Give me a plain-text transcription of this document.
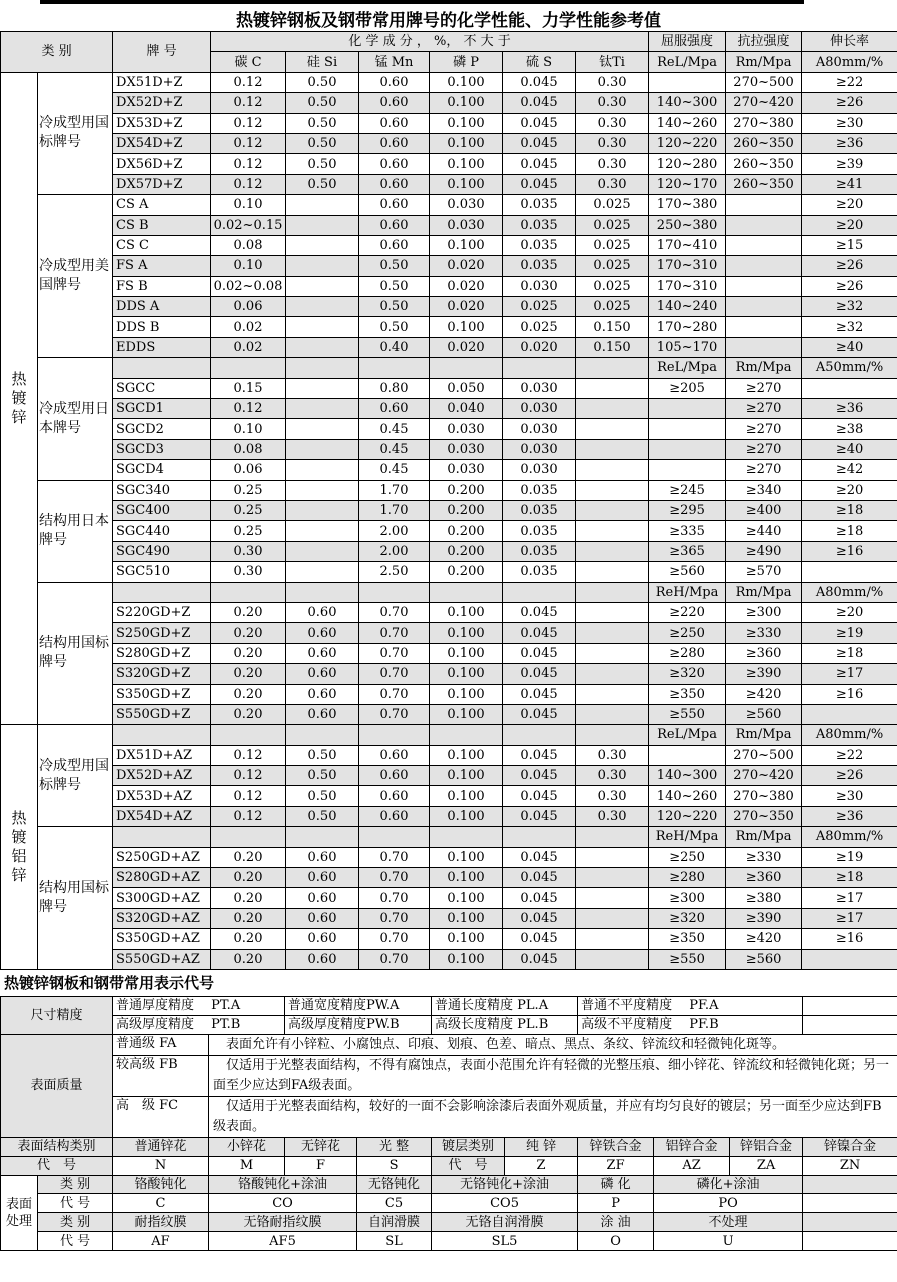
热镀锌钢板及钢带常用牌号的化学性能、力学性能参考值
类 别		牌 号	化 学 成 分 ， %， 不 大 于						屈服强度	抗拉强度	伸长率
			碳 C	硅 Si	锰 Mn	磷 P	硫 S	钛Ti	ReL/Mpa	Rm/Mpa	A80mm/%
热 镀 锌	冷成型用国标牌号	DX51D+Z	0.12	0.50	0.60	0.100	0.045	0.30		270~500	≥22
		DX52D+Z	0.12	0.50	0.60	0.100	0.045	0.30	140~300	270~420	≥26
		DX53D+Z	0.12	0.50	0.60	0.100	0.045	0.30	140~260	270~380	≥30
		DX54D+Z	0.12	0.50	0.60	0.100	0.045	0.30	120~220	260~350	≥36
		DX56D+Z	0.12	0.50	0.60	0.100	0.045	0.30	120~280	260~350	≥39
		DX57D+Z	0.12	0.50	0.60	0.100	0.045	0.30	120~170	260~350	≥41
	冷成型用美国牌号	CS A	0.10		0.60	0.030	0.035	0.025	170~380		≥20
		CS B	0.02~0.15		0.60	0.030	0.035	0.025	250~380		≥20
		CS C	0.08		0.60	0.100	0.035	0.025	170~410		≥15
		FS A	0.10		0.50	0.020	0.035	0.025	170~310		≥26
		FS B	0.02~0.08		0.50	0.020	0.030	0.025	170~310		≥26
		DDS A	0.06		0.50	0.020	0.025	0.025	140~240		≥32
		DDS B	0.02		0.50	0.100	0.025	0.150	170~280		≥32
		EDDS	0.02		0.40	0.020	0.020	0.150	105~170		≥40
	冷成型用日本牌号								ReL/Mpa	Rm/Mpa	A50mm/%
		SGCC	0.15		0.80	0.050	0.030		≥205	≥270	
		SGCD1	0.12		0.60	0.040	0.030			≥270	≥36
		SGCD2	0.10		0.45	0.030	0.030			≥270	≥38
		SGCD3	0.08		0.45	0.030	0.030			≥270	≥40
		SGCD4	0.06		0.45	0.030	0.030			≥270	≥42
	结构用日本牌号	SGC340	0.25		1.70	0.200	0.035		≥245	≥340	≥20
		SGC400	0.25		1.70	0.200	0.035		≥295	≥400	≥18
		SGC440	0.25		2.00	0.200	0.035		≥335	≥440	≥18
		SGC490	0.30		2.00	0.200	0.035		≥365	≥490	≥16
		SGC510	0.30		2.50	0.200	0.035		≥560	≥570	
	结构用国标牌号								ReH/Mpa	Rm/Mpa	A80mm/%
		S220GD+Z	0.20	0.60	0.70	0.100	0.045		≥220	≥300	≥20
		S250GD+Z	0.20	0.60	0.70	0.100	0.045		≥250	≥330	≥19
		S280GD+Z	0.20	0.60	0.70	0.100	0.045		≥280	≥360	≥18
		S320GD+Z	0.20	0.60	0.70	0.100	0.045		≥320	≥390	≥17
		S350GD+Z	0.20	0.60	0.70	0.100	0.045		≥350	≥420	≥16
		S550GD+Z	0.20	0.60	0.70	0.100	0.045		≥550	≥560	
热 镀 铝 锌	冷成型用国标牌号								ReL/Mpa	Rm/Mpa	A80mm/%
		DX51D+AZ	0.12	0.50	0.60	0.100	0.045	0.30		270~500	≥22
		DX52D+AZ	0.12	0.50	0.60	0.100	0.045	0.30	140~300	270~420	≥26
		DX53D+AZ	0.12	0.50	0.60	0.100	0.045	0.30	140~260	270~380	≥30
		DX54D+AZ	0.12	0.50	0.60	0.100	0.045	0.30	120~220	270~350	≥36
	结构用国标牌号								ReH/Mpa	Rm/Mpa	A80mm/%
		S250GD+AZ	0.20	0.60	0.70	0.100	0.045		≥250	≥330	≥19
		S280GD+AZ	0.20	0.60	0.70	0.100	0.045		≥280	≥360	≥18
		S300GD+AZ	0.20	0.60	0.70	0.100	0.045		≥300	≥380	≥17
		S320GD+AZ	0.20	0.60	0.70	0.100	0.045		≥320	≥390	≥17
		S350GD+AZ	0.20	0.60	0.70	0.100	0.045		≥350	≥420	≥16
		S550GD+AZ	0.20	0.60	0.70	0.100	0.045		≥550	≥560	
热镀锌钢板和钢带常用表示代号
尺寸精度		普通厚度精度　 PT.A		普通宽度精度PW.A		普通长度精度 PL.A		普通不平度精度　 PF.A			
		高级厚度精度　 PT.B		高级厚度精度PW.B		高级长度精度 PL.B		高级不平度精度　 PF.B			
表面质量		普通级 FA	　表面允许有小锌粒、小腐蚀点、印痕、划痕、色差、暗点、黑点、条纹、锌流纹和轻微钝化斑等。								
		较高级 FB	　仅适用于光整表面结构，不得有腐蚀点，表面小范围允许有轻微的光整压痕、细小锌花、锌流纹和轻微钝化斑；另一面至少应达到FA级表面。								
		高　级 FC	　仅适用于光整表面结构，较好的一面不会影响涂漆后表面外观质量，并应有均匀良好的镀层；另一面至少应达到FB级表面。								
表面结构类别		普通锌花	小锌花	无锌花	光 整	镀层类别	纯 锌	锌铁合金	铝锌合金	锌铝合金	锌镍合金
代　号		N	M	F	S	代　号	Z	ZF	AZ	ZA	ZN
表面处理	类 别	铬酸钝化	铬酸钝化+涂油		无铬钝化	无铬钝化+涂油		磷 化	磷化+涂油		
	代 号	C	CO		C5	CO5		P	PO		
	类 别	耐指纹膜	无铬耐指纹膜		自润滑膜	无铬自润滑膜		涂 油	不处理		
	代 号	AF	AF5		SL	SL5		O	U		
